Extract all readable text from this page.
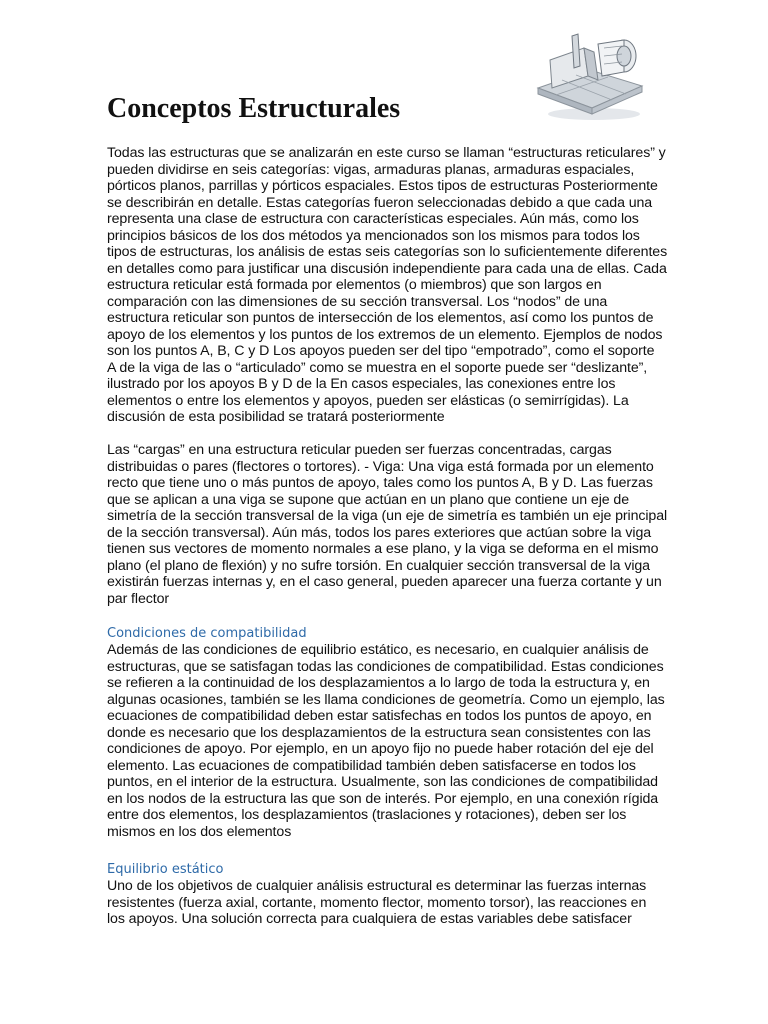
Conceptos Estructurales
Todas las estructuras que se analizarán en este curso se llaman “estructuras reticulares” y
pueden dividirse en seis categorías: vigas, armaduras planas, armaduras espaciales,
pórticos planos, parrillas y pórticos espaciales. Estos tipos de estructuras Posteriormente
se describirán en detalle. Estas categorías fueron seleccionadas debido a que cada una
representa una clase de estructura con características especiales. Aún más, como los
principios básicos de los dos métodos ya mencionados son los mismos para todos los
tipos de estructuras, los análisis de estas seis categorías son lo suficientemente diferentes
en detalles como para justificar una discusión independiente para cada una de ellas. Cada
estructura reticular está formada por elementos (o miembros) que son largos en
comparación con las dimensiones de su sección transversal. Los “nodos” de una
estructura reticular son puntos de intersección de los elementos, así como los puntos de
apoyo de los elementos y los puntos de los extremos de un elemento. Ejemplos de nodos
son los puntos A, B, C y D Los apoyos pueden ser del tipo “empotrado”, como el soporte
A de la viga de las o “articulado” como se muestra en el soporte puede ser “deslizante”,
ilustrado por los apoyos B y D de la En casos especiales, las conexiones entre los
elementos o entre los elementos y apoyos, pueden ser elásticas (o semirrígidas). La
discusión de esta posibilidad se tratará posteriormente
Las “cargas” en una estructura reticular pueden ser fuerzas concentradas, cargas
distribuidas o pares (flectores o tortores). - Viga: Una viga está formada por un elemento
recto que tiene uno o más puntos de apoyo, tales como los puntos A, B y D. Las fuerzas
que se aplican a una viga se supone que actúan en un plano que contiene un eje de
simetría de la sección transversal de la viga (un eje de simetría es también un eje principal
de la sección transversal). Aún más, todos los pares exteriores que actúan sobre la viga
tienen sus vectores de momento normales a ese plano, y la viga se deforma en el mismo
plano (el plano de flexión) y no sufre torsión. En cualquier sección transversal de la viga
existirán fuerzas internas y, en el caso general, pueden aparecer una fuerza cortante y un
par flector
Condiciones de compatibilidad
Además de las condiciones de equilibrio estático, es necesario, en cualquier análisis de
estructuras, que se satisfagan todas las condiciones de compatibilidad. Estas condiciones
se refieren a la continuidad de los desplazamientos a lo largo de toda la estructura y, en
algunas ocasiones, también se les llama condiciones de geometría. Como un ejemplo, las
ecuaciones de compatibilidad deben estar satisfechas en todos los puntos de apoyo, en
donde es necesario que los desplazamientos de la estructura sean consistentes con las
condiciones de apoyo. Por ejemplo, en un apoyo fijo no puede haber rotación del eje del
elemento. Las ecuaciones de compatibilidad también deben satisfacerse en todos los
puntos, en el interior de la estructura. Usualmente, son las condiciones de compatibilidad
en los nodos de la estructura las que son de interés. Por ejemplo, en una conexión rígida
entre dos elementos, los desplazamientos (traslaciones y rotaciones), deben ser los
mismos en los dos elementos
Equilibrio estático
Uno de los objetivos de cualquier análisis estructural es determinar las fuerzas internas
resistentes (fuerza axial, cortante, momento flector, momento torsor), las reacciones en
los apoyos. Una solución correcta para cualquiera de estas variables debe satisfacer
